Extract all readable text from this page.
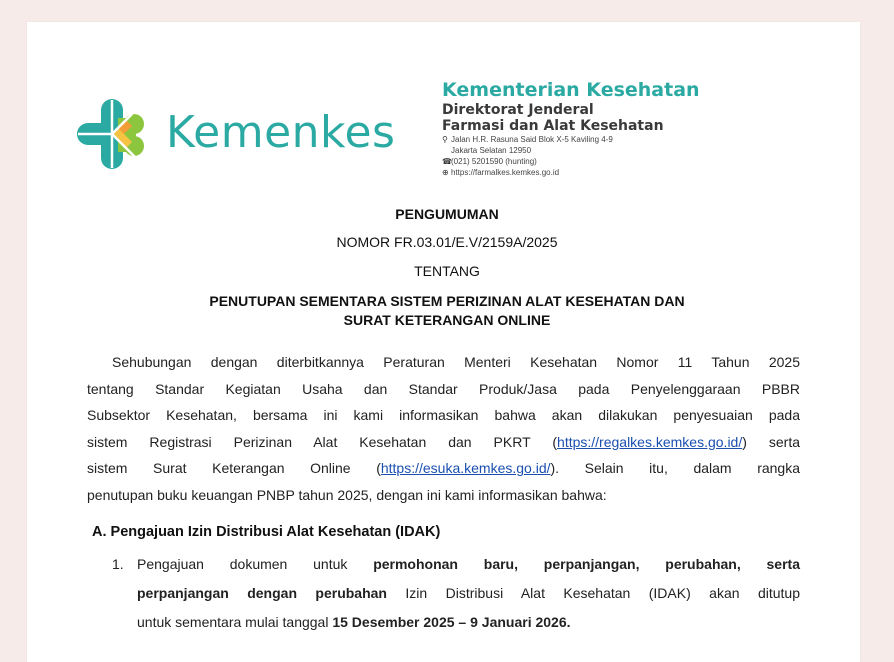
Kemenkes
Kementerian Kesehatan
Direktorat Jenderal
Farmasi dan Alat Kesehatan
⚲ Jalan H.R. Rasuna Said Blok X-5 Kaviling 4-9
Jakarta Selatan 12950
☎ (021) 5201590 (hunting)
⊕ https://farmalkes.kemkes.go.id
PENGUMUMAN
NOMOR FR.03.01/E.V/2159A/2025
TENTANG
PENUTUPAN SEMENTARA SISTEM PERIZINAN ALAT KESEHATAN DAN
SURAT KETERANGAN ONLINE
Sehubungan dengan diterbitkannya Peraturan Menteri Kesehatan Nomor 11 Tahun 2025
tentang Standar Kegiatan Usaha dan Standar Produk/Jasa pada Penyelenggaraan PBBR
Subsektor Kesehatan, bersama ini kami informasikan bahwa akan dilakukan penyesuaian pada
sistem Registrasi Perizinan Alat Kesehatan dan PKRT (https://regalkes.kemkes.go.id/) serta
sistem Surat Keterangan Online (https://esuka.kemkes.go.id/). Selain itu, dalam rangka
penutupan buku keuangan PNBP tahun 2025, dengan ini kami informasikan bahwa:
A. Pengajuan Izin Distribusi Alat Kesehatan (IDAK)
1. Pengajuan dokumen untuk permohonan baru, perpanjangan, perubahan, serta
perpanjangan dengan perubahan Izin Distribusi Alat Kesehatan (IDAK) akan ditutup
untuk sementara mulai tanggal 15 Desember 2025 – 9 Januari 2026.
